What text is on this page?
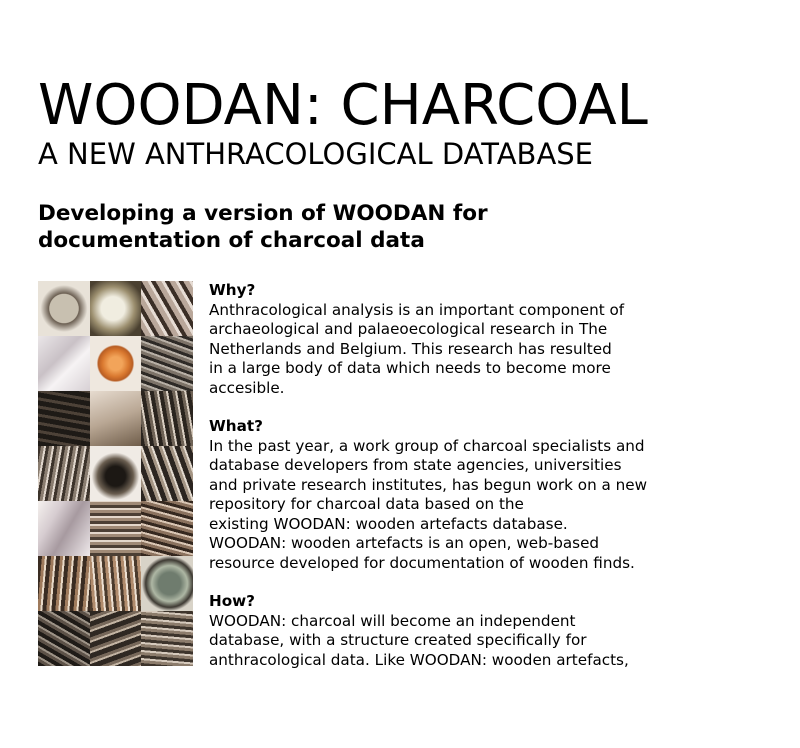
WOODAN: CHARCOAL
A NEW ANTHRACOLOGICAL DATABASE
Developing a version of WOODAN for documentation of charcoal data

Why?

Anthracological analysis is an important component of
archaeological and palaeoecological research in The
Netherlands and Belgium. This research has resulted
in a large body of data which needs to become more
accesible.

What?

In the past year, a work group of charcoal specialists and
database developers from state agencies, universities
and private research institutes, has begun work on a new
repository for charcoal data based on the
existing WOODAN: wooden artefacts database.
WOODAN: wooden artefacts is an open, web-based
resource developed for documentation of wooden finds.

How?

WOODAN: charcoal will become an independent
database, with a structure created specifically for
anthracological data. Like WOODAN: wooden artefacts,
